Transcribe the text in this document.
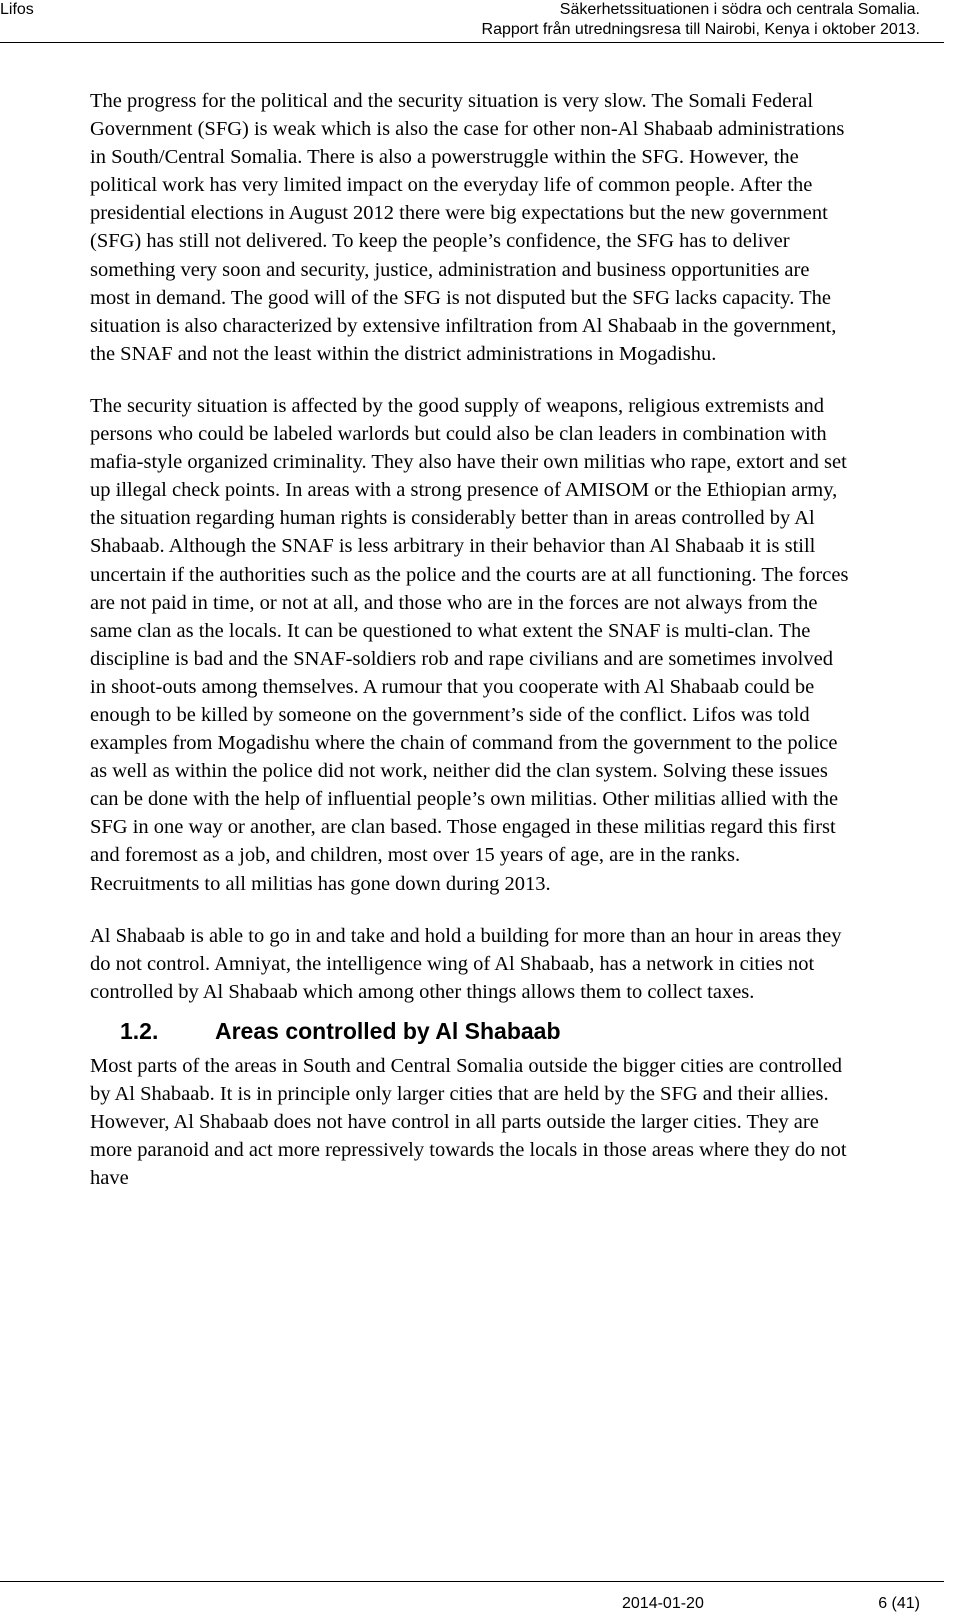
Lifos	Säkerhetssituationen i södra och centrala Somalia.
Rapport från utredningsresa till Nairobi, Kenya i oktober 2013.

The progress for the political and the security situation is very slow. The Somali Federal Government (SFG) is weak which is also the case for other non-Al Shabaab administrations in South/Central Somalia. There is also a powerstruggle within the SFG. However, the political work has very limited impact on the everyday life of common people. After the presidential elections in August 2012 there were big expectations but the new government (SFG) has still not delivered. To keep the people’s confidence, the SFG has to deliver something very soon and security, justice, administration and business opportunities are most in demand. The good will of the SFG is not disputed but the SFG lacks capacity. The situation is also characterized by extensive infiltration from Al Shabaab in the government, the SNAF and not the least within the district administrations in Mogadishu.

The security situation is affected by the good supply of weapons, religious extremists and persons who could be labeled warlords but could also be clan leaders in combination with mafia-style organized criminality. They also have their own militias who rape, extort and set up illegal check points. In areas with a strong presence of AMISOM or the Ethiopian army, the situation regarding human rights is considerably better than in areas controlled by Al Shabaab. Although the SNAF is less arbitrary in their behavior than Al Shabaab it is still uncertain if the authorities such as the police and the courts are at all functioning. The forces are not paid in time, or not at all, and those who are in the forces are not always from the same clan as the locals. It can be questioned to what extent the SNAF is multi-clan. The discipline is bad and the SNAF-soldiers rob and rape civilians and are sometimes involved in shoot-outs among themselves. A rumour that you cooperate with Al Shabaab could be enough to be killed by someone on the government’s side of the conflict. Lifos was told examples from Mogadishu where the chain of command from the government to the police as well as within the police did not work, neither did the clan system. Solving these issues can be done with the help of influential people’s own militias. Other militias allied with the SFG in one way or another, are clan based. Those engaged in these militias regard this first and foremost as a job, and children, most over 15 years of age, are in the ranks. Recruitments to all militias has gone down during 2013.

Al Shabaab is able to go in and take and hold a building for more than an hour in areas they do not control. Amniyat, the intelligence wing of Al Shabaab, has a network in cities not controlled by Al Shabaab which among other things allows them to collect taxes.

1.2.	Areas controlled by Al Shabaab

Most parts of the areas in South and Central Somalia outside the bigger cities are controlled by Al Shabaab. It is in principle only larger cities that are held by the SFG and their allies. However, Al Shabaab does not have control in all parts outside the larger cities. They are more paranoid and act more repressively towards the locals in those areas where they do not have

2014-01-20	6 (41)
